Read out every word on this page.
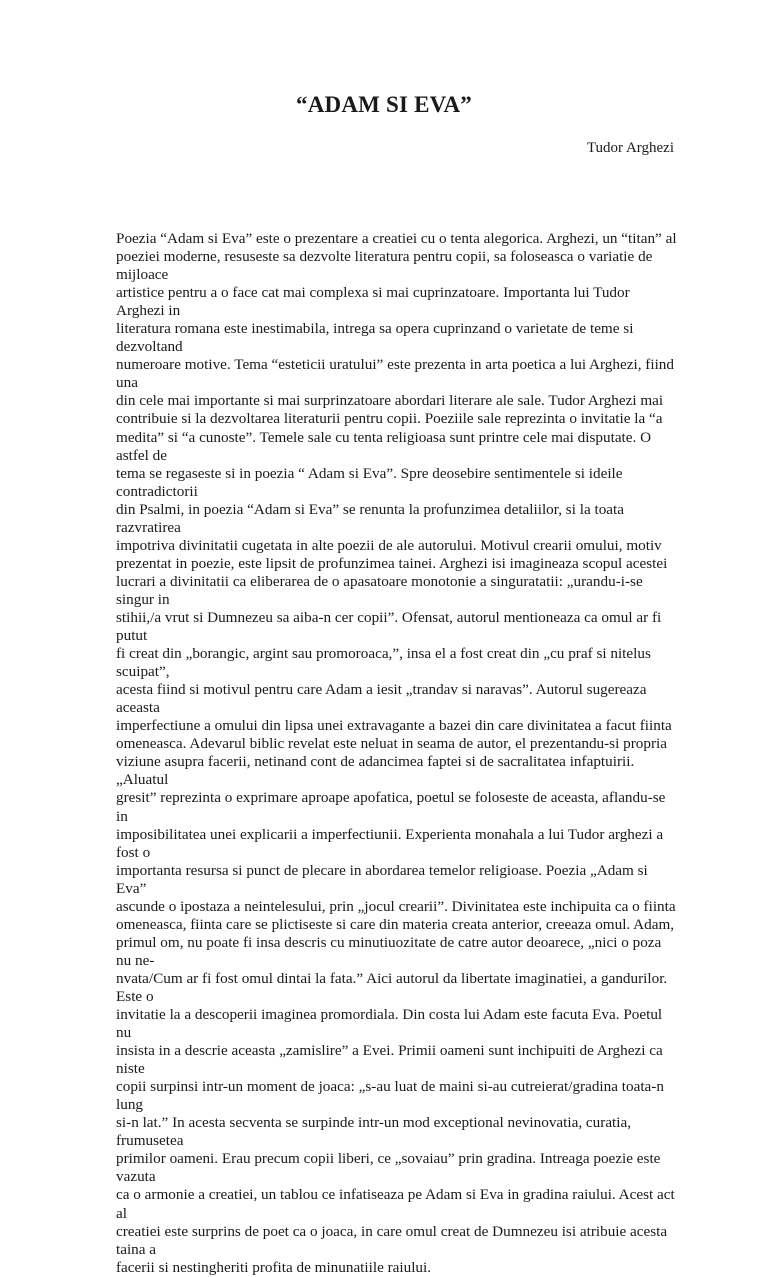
“ADAM SI EVA”

Tudor Arghezi

Poezia “Adam si Eva” este o prezentare a creatiei cu o tenta alegorica. Arghezi, un “titan” al
poeziei moderne, resuseste sa dezvolte literatura pentru copii, sa foloseasca o variatie de mijloace
artistice pentru a o face cat mai complexa si mai cuprinzatoare. Importanta lui Tudor Arghezi in
literatura romana este inestimabila, intrega sa opera cuprinzand o varietate de teme si dezvoltand
numeroare motive. Tema “esteticii uratului” este prezenta in arta poetica a lui Arghezi, fiind una
din cele mai importante si mai surprinzatoare abordari literare ale sale. Tudor Arghezi mai
contribuie si la dezvoltarea literaturii pentru copii. Poeziile sale reprezinta o invitatie la “a
medita” si “a cunoste”. Temele sale cu tenta religioasa sunt printre cele mai disputate. O astfel de
tema se regaseste si in poezia “ Adam si Eva”. Spre deosebire sentimentele si ideile contradictorii
din Psalmi, in poezia “Adam si Eva” se renunta la profunzimea detaliilor, si la toata razvratirea
impotriva divinitatii cugetata in alte poezii de ale autorului. Motivul crearii omului, motiv
prezentat in poezie, este lipsit de profunzimea tainei. Arghezi isi imagineaza scopul acestei
lucrari a divinitatii ca eliberarea de o apasatoare monotonie a singuratatii: „urandu-i-se singur in
stihii,/a vrut si Dumnezeu sa aiba-n cer copii”. Ofensat, autorul mentioneaza ca omul ar fi putut
fi creat din „borangic, argint sau promoroaca,”, insa el a fost creat din „cu praf si nitelus scuipat”,
acesta fiind si motivul pentru care Adam a iesit „trandav si naravas”. Autorul sugereaza aceasta
imperfectiune a omului din lipsa unei extravagante a bazei din care divinitatea a facut fiinta
omeneasca. Adevarul biblic revelat este neluat in seama de autor, el prezentandu-si propria
viziune asupra facerii, netinand cont de adancimea faptei si de sacralitatea infaptuirii. „Aluatul
gresit” reprezinta o exprimare aproape apofatica, poetul se foloseste de aceasta, aflandu-se in
imposibilitatea unei explicarii a imperfectiunii. Experienta monahala a lui Tudor arghezi a fost o
importanta resursa si punct de plecare in abordarea temelor religioase. Poezia „Adam si Eva”
ascunde o ipostaza a neintelesului, prin „jocul crearii”. Divinitatea este inchipuita ca o fiinta
omeneasca, fiinta care se plictiseste si care din materia creata anterior, creeaza omul. Adam,
primul om, nu poate fi insa descris cu minutiuozitate de catre autor deoarece, „nici o poza nu ne-
nvata/Cum ar fi fost omul dintai la fata.” Aici autorul da libertate imaginatiei, a gandurilor. Este o
invitatie la a descoperii imaginea promordiala. Din costa lui Adam este facuta Eva. Poetul nu
insista in a descrie aceasta „zamislire” a Evei. Primii oameni sunt inchipuiti de Arghezi ca niste
copii surpinsi intr-un moment de joaca: „s-au luat de maini si-au cutreierat/gradina toata-n lung
si-n lat.” In acesta secventa se surpinde intr-un mod exceptional nevinovatia, curatia, frumusetea
primilor oameni. Erau precum copii liberi, ce „sovaiau” prin gradina. Intreaga poezie este vazuta
ca o armonie a creatiei, un tablou ce infatiseaza pe Adam si Eva in gradina raiului. Acest act al
creatiei este surprins de poet ca o joaca, in care omul creat de Dumnezeu isi atribuie acesta taina a
facerii si nestingheriti profita de minunatiile raiului.
